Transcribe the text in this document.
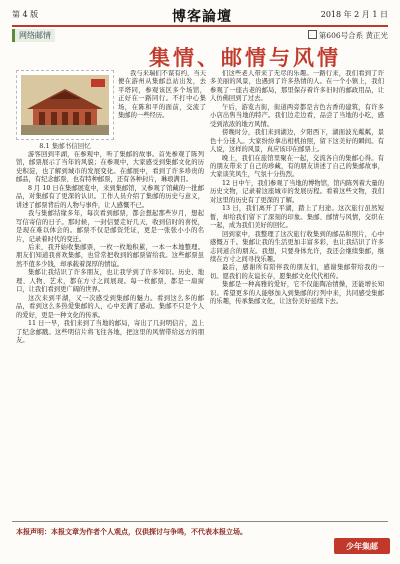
第 4 版	博客論壇	2018 年 2 月 1 日
网络邮情	第606号合系 黄正光
集情、邮情与风情
8.1 集邮书信回忆

我与来瑞们不谋有约，当天便在游州从集邮总站出发，去平塔同，参观该区多个场馆，正好在一路同行。不打中心集场，在陈和平的面前，交流了集邮的一些经历。

游客回到平湖，在参观中，听了集邮的故事。首先参观了陈列馆，邮票展示了当年的风貌；在参观中，大家感受到集邮文化的历史积淀，也了解到城市的发展变化。在邮展中，看到了许多珍贵的邮品，有纪念邮票、也有特种邮票，还有各种封片，琳琅满目。

8 月 10 日在集邮展览中，来到集邮馆，又参观了馆藏的一批邮品，对集邮有了更深的认识。工作人员介绍了集邮的历史与意义，讲述了邮票背后的人物与事件，让人感慨不已。

我与集邮结缘多年，每次看到邮票，都会想起那些岁月，想起写信寄信的日子。那时候，一封信要走好几天，收到信时的喜悦，是现在难以体会的。邮票不仅是邮资凭证，更是一张张小小的名片，记录着时代的变迁。

后来，我开始收集邮票，一枚一枚地积累，一本一本地整理。朋友们知道我喜欢集邮，也常常把收到的邮票留给我。这些邮票虽然不值多少钱，却承载着深厚的情谊。

集邮让我结识了许多朋友，也让我学到了许多知识。历史、地理、人物、艺术，都在方寸之间展现。每一枚邮票，都是一扇窗口，让我们看到更广阔的世界。

这次来到平湖，又一次感受到集邮的魅力。看到这么多的邮品，看到这么多热爱集邮的人，心中充满了感动。集邮不只是个人的爱好，更是一种文化的传承。

11 日一早，我们来到了当地的邮局，寄出了几封明信片，盖上了纪念邮戳。这些明信片将飞往各地，把这里的风情带给远方的朋友。

们这些老人带来了无尽的乐趣。一路行来，我们看到了许多美丽的风景，也遇到了许多热情的人。在一个小镇上，我们参观了一座古老的邮局，那里保存着许多旧时的邮政用品，让人仿佛回到了过去。

午后，游览古街，街道两旁都是古色古香的建筑，有许多小店出售当地的特产。我们边走边看，品尝了当地的小吃，感受到浓浓的地方风情。

傍晚时分，我们来到湖边，夕阳西下，湖面波光粼粼，景色十分迷人。大家纷纷拿出相机拍照，留下这美好的瞬间。有人说，这样的风景，真应该印在邮票上。

晚上，我们在旅馆里聚在一起，交流各自的集邮心得。有的朋友带来了自己的珍藏，有的朋友讲述了自己的集邮故事，大家谈笑风生，气氛十分热烈。

12 日中午，我们参观了当地的博物馆，馆内陈列着大量的历史文物，记录着这座城市的发展历程。看着这些文物，我们对这里的历史有了更深的了解。

13 日，我们离开了平湖，踏上了归途。这次旅行虽然短暂，却给我们留下了深刻的印象。集邮、邮情与风情，交织在一起，成为我们美好的回忆。

回到家中，我整理了这次旅行收集到的邮品和照片，心中感慨万千。集邮让我的生活更加丰富多彩，也让我结识了许多志同道合的朋友。我想，只要身体允许，我还会继续集邮，继续在方寸之间寻找乐趣。

最后，感谢所有陪伴我的朋友们，感谢集邮带给我的一切。愿我们的友谊长存，愿集邮文化代代相传。

集邮是一种高雅的爱好，它不仅能陶冶情操，还能增长知识。希望更多的人能够加入到集邮的行列中来，共同感受集邮的乐趣，传承集邮文化，让这份美好延续下去。

本报声明：本报文章为作者个人观点，仅供探讨与争鸣，不代表本报立场。
少年集邮
